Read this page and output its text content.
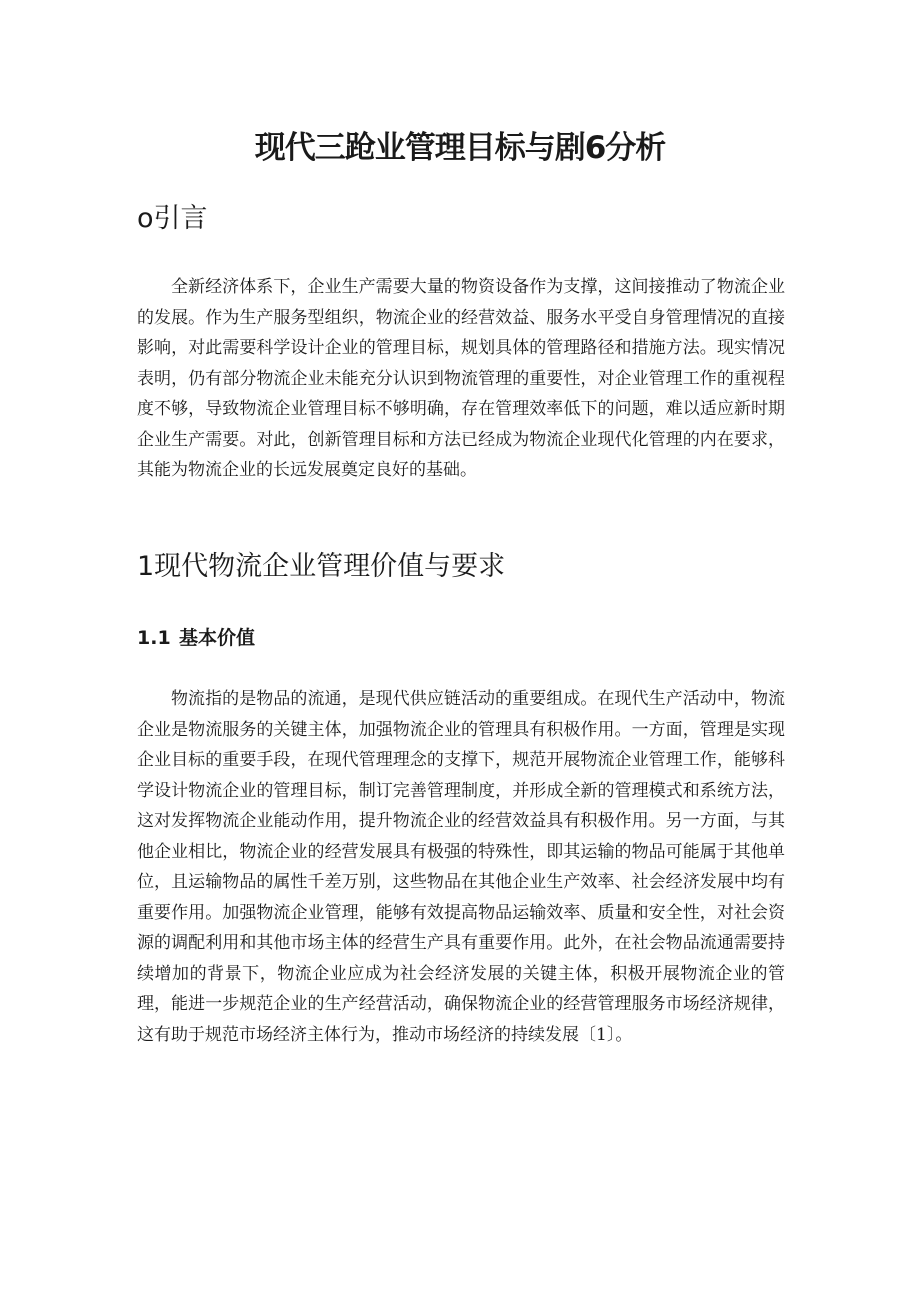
现代三跄业管理目标与剧6分析
o引言

全新经济体系下，企业生产需要大量的物资设备作为支撑，这间接推动了物流企业的发展。作为生产服务型组织，物流企业的经营效益、服务水平受自身管理情况的直接影响，对此需要科学设计企业的管理目标，规划具体的管理路径和措施方法。现实情况表明，仍有部分物流企业未能充分认识到物流管理的重要性，对企业管理工作的重视程度不够，导致物流企业管理目标不够明确，存在管理效率低下的问题，难以适应新时期企业生产需要。对此，创新管理目标和方法已经成为物流企业现代化管理的内在要求，其能为物流企业的长远发展奠定良好的基础。

1现代物流企业管理价值与要求
1.1 基本价值

物流指的是物品的流通，是现代供应链活动的重要组成。在现代生产活动中，物流企业是物流服务的关键主体，加强物流企业的管理具有积极作用。一方面，管理是实现企业目标的重要手段，在现代管理理念的支撑下，规范开展物流企业管理工作，能够科学设计物流企业的管理目标，制订完善管理制度，并形成全新的管理模式和系统方法，这对发挥物流企业能动作用，提升物流企业的经营效益具有积极作用。另一方面，与其他企业相比，物流企业的经营发展具有极强的特殊性，即其运输的物品可能属于其他单位，且运输物品的属性千差万别，这些物品在其他企业生产效率、社会经济发展中均有重要作用。加强物流企业管理，能够有效提高物品运输效率、质量和安全性，对社会资源的调配利用和其他市场主体的经营生产具有重要作用。此外，在社会物品流通需要持续增加的背景下，物流企业应成为社会经济发展的关键主体，积极开展物流企业的管理，能进一步规范企业的生产经营活动，确保物流企业的经营管理服务市场经济规律，这有助于规范市场经济主体行为，推动市场经济的持续发展〔1〕。
